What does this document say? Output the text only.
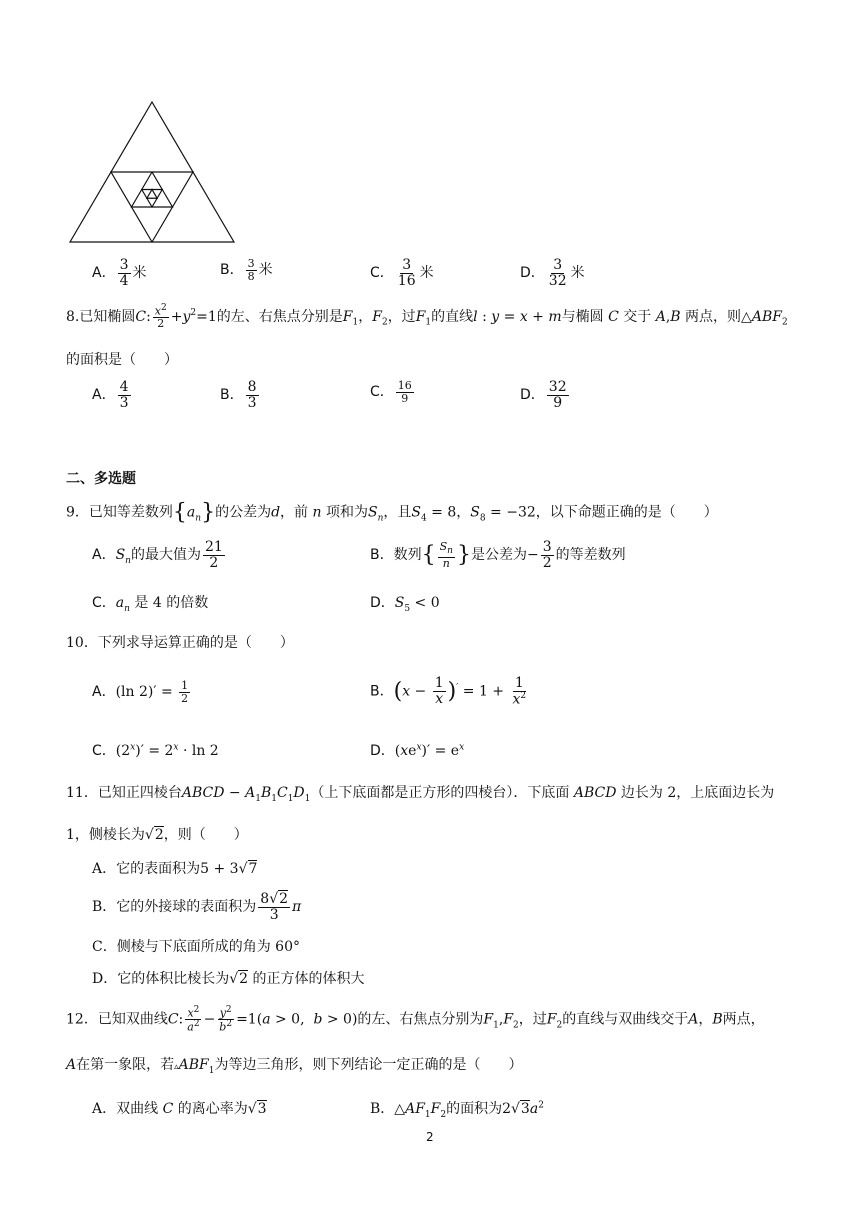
A． $\frac{3}{4}$ 米	B． $\frac{3}{8}$ 米	C． $\frac{3}{16}$ 米	D． $\frac{3}{32}$ 米
8.已知椭圆C: $\frac{x^2}{2} +y^2=1$的左、右焦点分别是$F_1$，$F_2$，过$F_1$的直线l : y = x + m与椭圆 C 交于 A,B 两点，则$\triangle ABF_2$
的面积是（　　）
A． $\frac{4}{3}$	B． $\frac{8}{3}$	C． $\frac{16}{9}$	D． $\frac{32}{9}$
二、多选题
9．已知等差数列$\{a_n\}$的公差为d，前 n 项和为$S_n$，且$S_4 = 8$，$S_8 = -32$，以下命题正确的是（　　）
A．$S_n$的最大值为 $\frac{21}{2}$	B．数列{ $\frac{S_n}{n}$ }是公差为− $\frac{3}{2}$ 的等差数列
C．$a_n$ 是 4 的倍数	D．$S_5 < 0$
10．下列求导运算正确的是（　　）
A．(ln $2)' = \frac{1}{2}$	B．$(x - \frac{1}{x} )' = 1 + \frac{1}{x^2}$
C．$(2^x)' = 2^x \cdot \ln 2$	D．$(xe^x)' = e^x$
11．已知正四棱台ABCD − $A_1B_1C_1D_1$（上下底面都是正方形的四棱台）．下底面 ABCD 边长为 2，上底面边长为
1，侧棱长为√2，则（　　）
A．它的表面积为5 + 3√7
B．它的外接球的表面积为 $\frac{8√2}{3}$ π
C．侧棱与下底面所成的角为 60°
D．它的体积比棱长为√2 的正方体的体积大
12．已知双曲线C: $\frac{x^2}{a^2} - \frac{y^2}{b^2} =1(a > 0$,  b > 0)的左、右焦点分别为$F_1,F_2$，过$F_2$的直线与双曲线交于A，B两点，
A在第一象限，若$▵ABF_1$为等边三角形，则下列结论一定正确的是（　　）
A．双曲线 C 的离心率为√3	B．$\triangle AF_1F_2$的面积为$2√3a^2$
2
